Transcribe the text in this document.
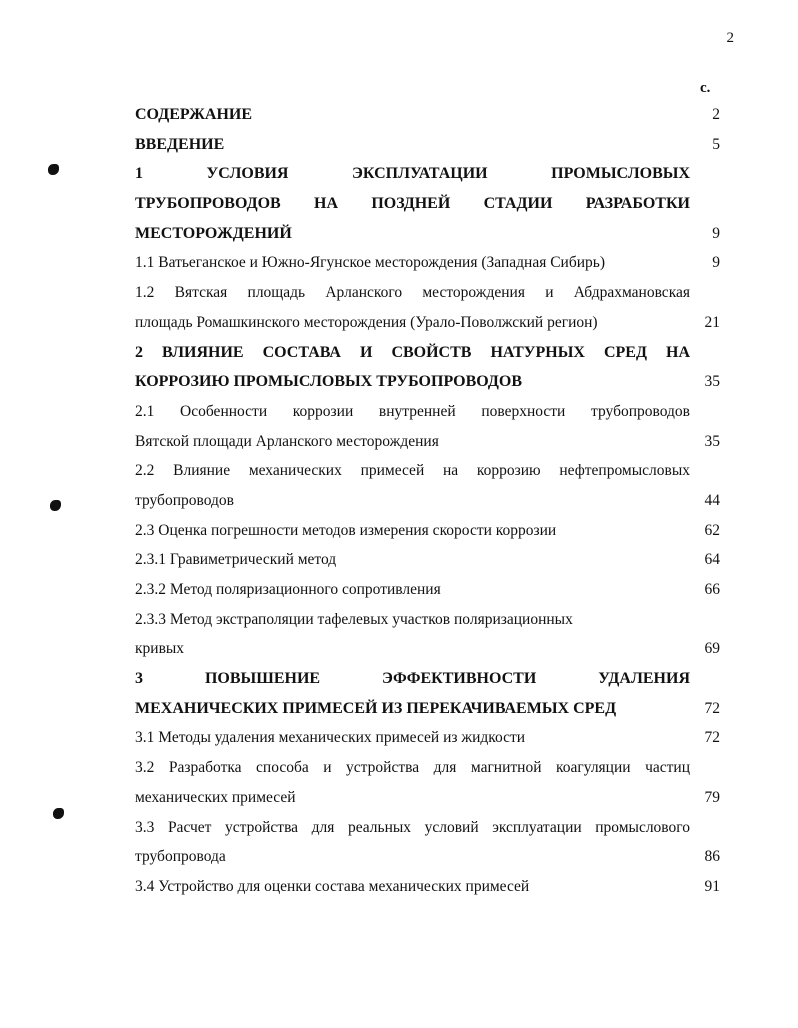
2
с.
СОДЕРЖАНИЕ	2
ВВЕДЕНИЕ	5
1 УСЛОВИЯ ЭКСПЛУАТАЦИИ ПРОМЫСЛОВЫХ
ТРУБОПРОВОДОВ НА ПОЗДНЕЙ СТАДИИ РАЗРАБОТКИ
МЕСТОРОЖДЕНИЙ	9
1.1 Ватьеганское и Южно-Ягунское месторождения (Западная Сибирь)	9
1.2 Вятская площадь Арланского месторождения и Абдрахмановская
площадь Ромашкинского месторождения (Урало-Поволжский регион)	21
2 ВЛИЯНИЕ СОСТАВА И СВОЙСТВ НАТУРНЫХ СРЕД НА
КОРРОЗИЮ ПРОМЫСЛОВЫХ ТРУБОПРОВОДОВ	35
2.1 Особенности коррозии внутренней поверхности трубопроводов
Вятской площади Арланского месторождения	35
2.2 Влияние механических примесей на коррозию нефтепромысловых
трубопроводов	44
2.3 Оценка погрешности методов измерения скорости коррозии	62
2.3.1 Гравиметрический метод	64
2.3.2 Метод поляризационного сопротивления	66
2.3.3 Метод экстраполяции тафелевых участков поляризационных
кривых	69
3 ПОВЫШЕНИЕ ЭФФЕКТИВНОСТИ УДАЛЕНИЯ
МЕХАНИЧЕСКИХ ПРИМЕСЕЙ ИЗ ПЕРЕКАЧИВАЕМЫХ СРЕД	72
3.1 Методы удаления механических примесей из жидкости	72
3.2 Разработка способа и устройства для магнитной коагуляции частиц
механических примесей	79
3.3 Расчет устройства для реальных условий эксплуатации промыслового
трубопровода	86
3.4 Устройство для оценки состава механических примесей	91
